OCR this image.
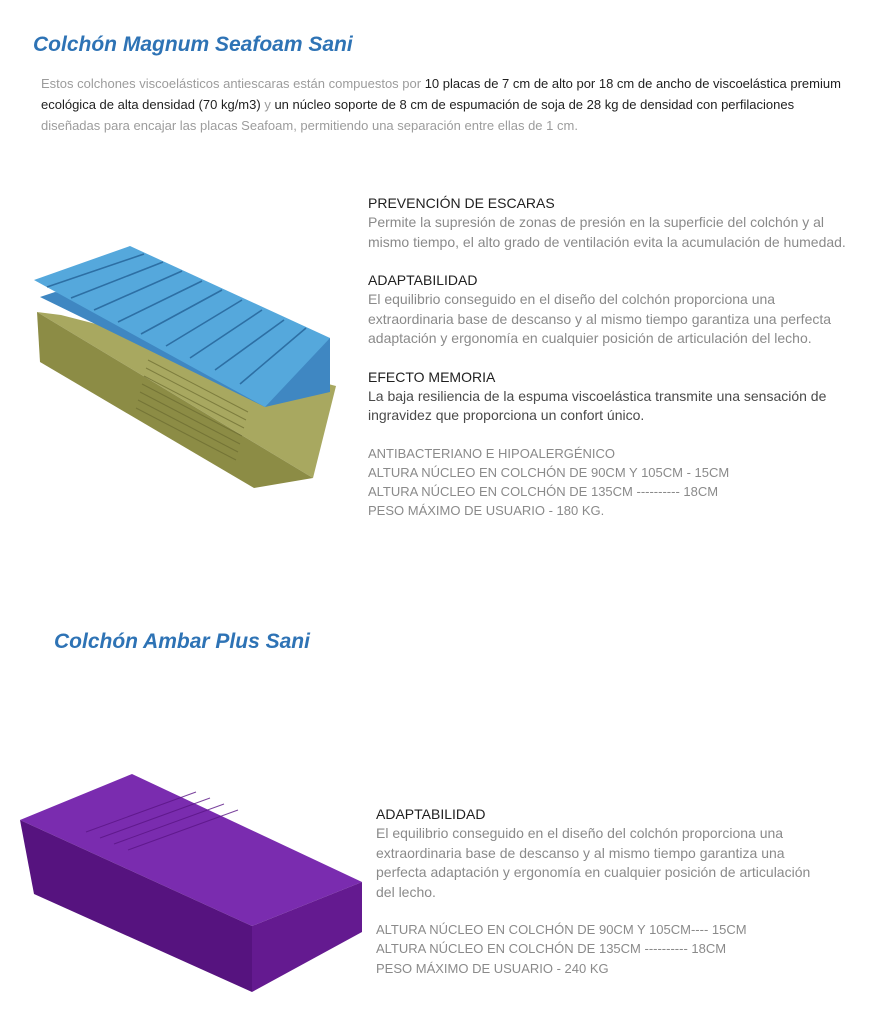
Colchón Magnum Seafoam Sani

Estos colchones viscoelásticos antiescaras están compuestos por 10 placas de 7 cm de alto por 18 cm de ancho de viscoelástica premium ecológica de alta densidad (70 kg/m3) y un núcleo soporte de 8 cm de espumación de soja de 28 kg de densidad con perfilaciones diseñadas para encajar las placas Seafoam, permitiendo una separación entre ellas de 1 cm.

PREVENCIÓN DE ESCARAS

Permite la supresión de zonas de presión en la superficie del colchón y al mismo tiempo, el alto grado de ventilación evita la acumulación de humedad.

ADAPTABILIDAD

El equilibrio conseguido en el diseño del colchón proporciona una extraordinaria base de descanso y al mismo tiempo garantiza una perfecta adaptación y ergonomía en cualquier posición de articulación del lecho.

EFECTO MEMORIA

La baja resiliencia de la espuma viscoelástica transmite una sensación de ingravidez que proporciona un confort único.

ANTIBACTERIANO E HIPOALERGÉNICO

ALTURA NÚCLEO EN COLCHÓN DE 90CM Y 105CM - 15CM

ALTURA NÚCLEO EN COLCHÓN DE 135CM ---------- 18CM

PESO MÁXIMO DE USUARIO - 180 KG.

Colchón Ambar Plus Sani

ADAPTABILIDAD

El equilibrio conseguido en el diseño del colchón proporciona una extraordinaria base de descanso y al mismo tiempo garantiza una perfecta adaptación y ergonomía en cualquier posición de articulación del lecho.

ALTURA NÚCLEO EN COLCHÓN DE 90CM Y 105CM---- 15CM

ALTURA NÚCLEO EN COLCHÓN DE 135CM ---------- 18CM

PESO MÁXIMO DE USUARIO - 240 KG
